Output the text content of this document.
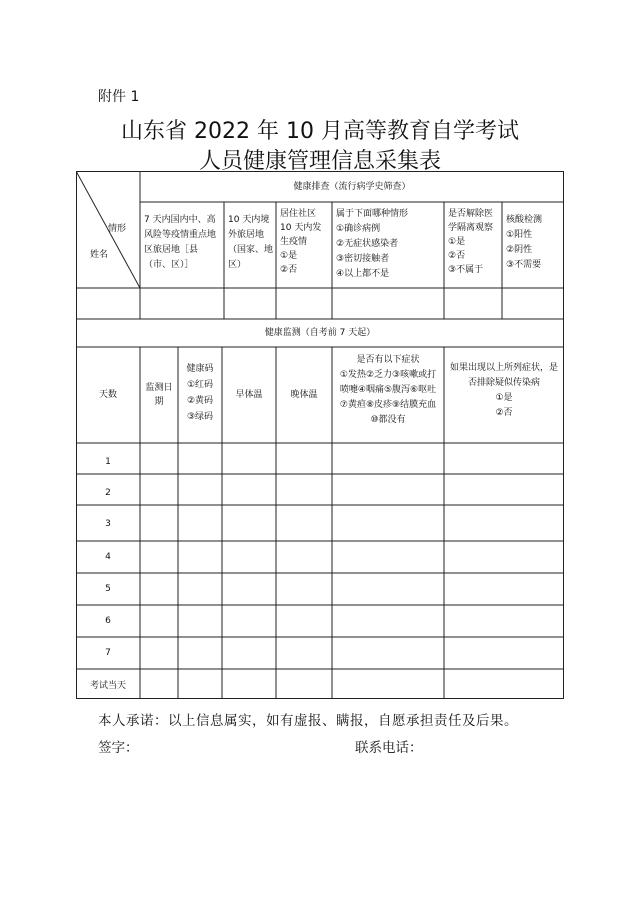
附件 1
山东省 2022 年 10 月高等教育自学考试
人员健康管理信息采集表
情形
姓名
健康排查（流行病学史筛查）
7 天内国内中、高风险等疫情重点地区旅居地［县（市、区）］
10 天内境外旅居地（国家、地区）
居住社区 10 天内发生疫情
①是
②否
属于下面哪种情形
①确诊病例
②无症状感染者
③密切接触者
④以上都不是
是否解除医学隔离观察
①是
②否
③不属于
核酸检测
①阳性
②阴性
③不需要
健康监测（自考前 7 天起）
天数
监测日期
健康码
①红码
②黄码
③绿码
早体温	晚体温
是否有以下症状
①发热②乏力③咳嗽或打喷嚏④咽痛⑤腹泻⑥呕吐⑦黄疸⑧皮疹⑨结膜充血⑩都没有
如果出现以上所列症状，是否排除疑似传染病
①是
②否
1
2
3
4
5
6
7
考试当天
本人承诺：以上信息属实，如有虚报、瞒报，自愿承担责任及后果。
签字：	联系电话：
